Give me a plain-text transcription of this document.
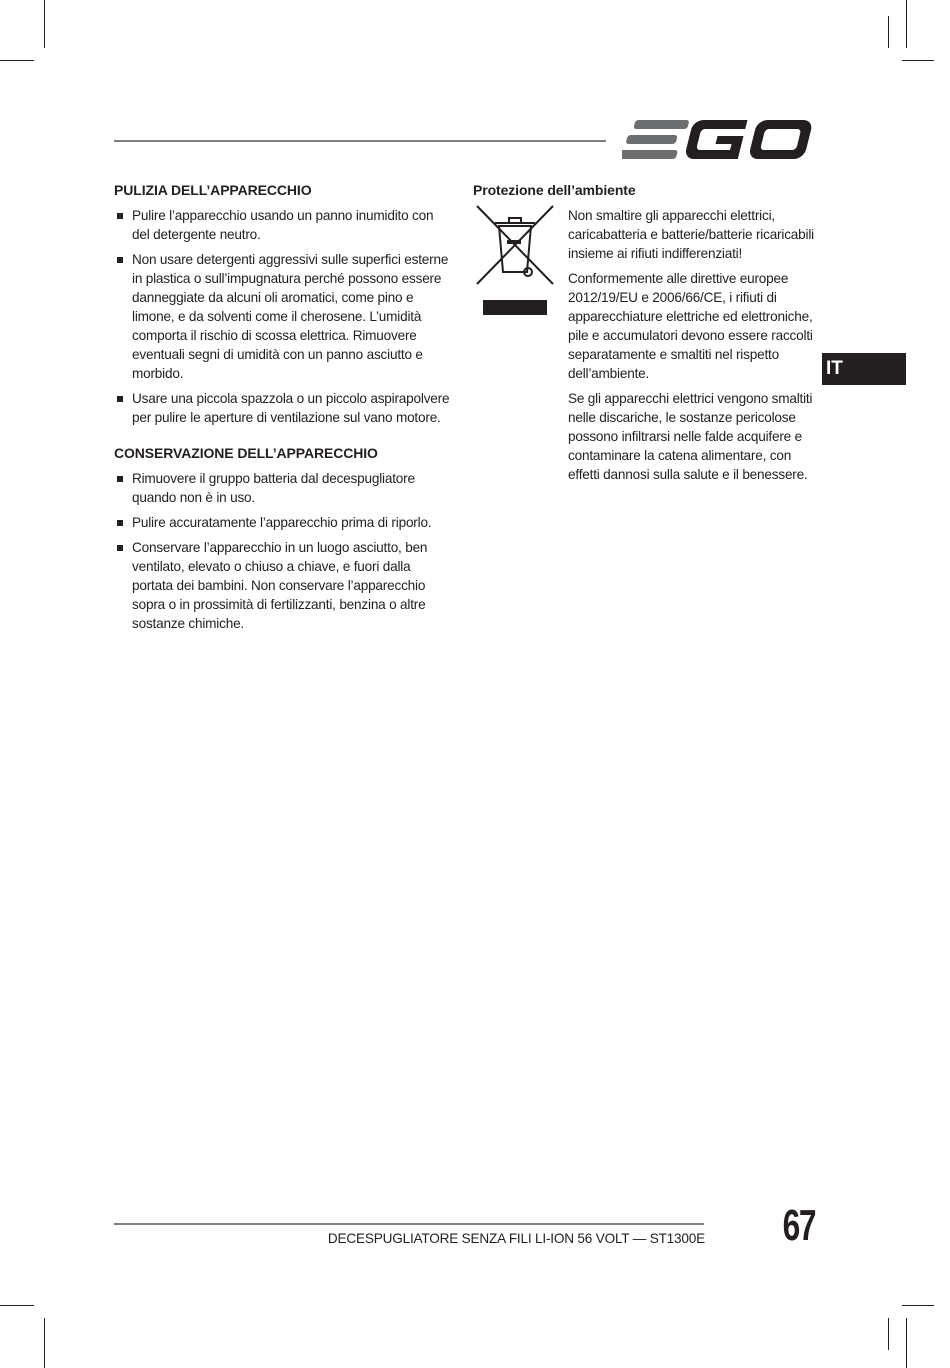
PULIZIA DELL’APPARECCHIO
Pulire l’apparecchio usando un panno inumidito con del detergente neutro.
Non usare detergenti aggressivi sulle superfici esterne in plastica o sull’impugnatura perché possono essere danneggiate da alcuni oli aromatici, come pino e limone, e da solventi come il cherosene. L’umidità comporta il rischio di scossa elettrica. Rimuovere eventuali segni di umidità con un panno asciutto e morbido.
Usare una piccola spazzola o un piccolo aspirapolvere per pulire le aperture di ventilazione sul vano motore.
CONSERVAZIONE DELL’APPARECCHIO
Rimuovere il gruppo batteria dal decespugliatore quando non è in uso.
Pulire accuratamente l’apparecchio prima di riporlo.
Conservare l’apparecchio in un luogo asciutto, ben ventilato, elevato o chiuso a chiave, e fuori dalla portata dei bambini. Non conservare l’apparecchio sopra o in prossimità di fertilizzanti, benzina o altre sostanze chimiche.
Protezione dell’ambiente

Non smaltire gli apparecchi elettrici, caricabatteria e batterie/batterie ricaricabili insieme ai rifiuti indifferenziati!

Conformemente alle direttive europee 2012/19/EU e 2006/66/CE, i rifiuti di apparecchiature elettriche ed elettroniche, pile e accumulatori devono essere raccolti separatamente e smaltiti nel rispetto dell’ambiente.

Se gli apparecchi elettrici vengono smaltiti nelle discariche, le sostanze pericolose possono infiltrarsi nelle falde acquifere e contaminare la catena alimentare, con effetti dannosi sulla salute e il benessere.

IT
DECESPUGLIATORE SENZA FILI LI-ION 56 VOLT — ST1300E 67
